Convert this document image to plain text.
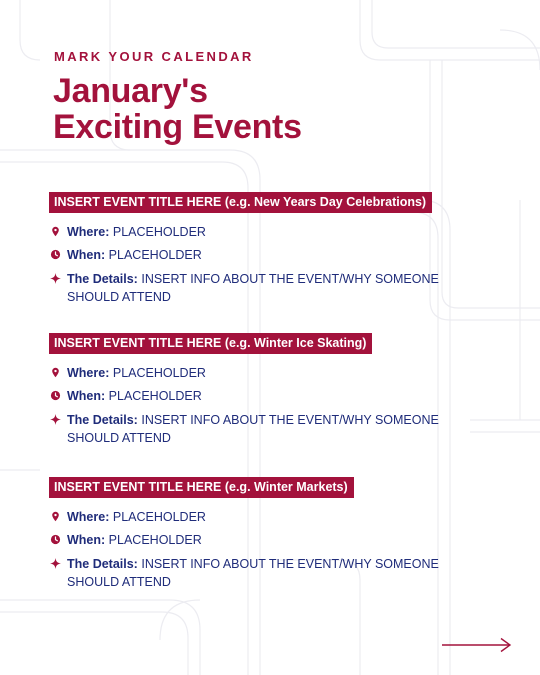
MARK YOUR CALENDAR
January's
Exciting Events
INSERT EVENT TITLE HERE (e.g. New Years Day Celebrations)
Where: PLACEHOLDER
When: PLACEHOLDER
The Details: INSERT INFO ABOUT THE EVENT/WHY SOMEONE SHOULD ATTEND
INSERT EVENT TITLE HERE (e.g. Winter Ice Skating)
Where: PLACEHOLDER
When: PLACEHOLDER
The Details: INSERT INFO ABOUT THE EVENT/WHY SOMEONE SHOULD ATTEND
INSERT EVENT TITLE HERE (e.g. Winter Markets)
Where: PLACEHOLDER
When: PLACEHOLDER
The Details: INSERT INFO ABOUT THE EVENT/WHY SOMEONE SHOULD ATTEND
